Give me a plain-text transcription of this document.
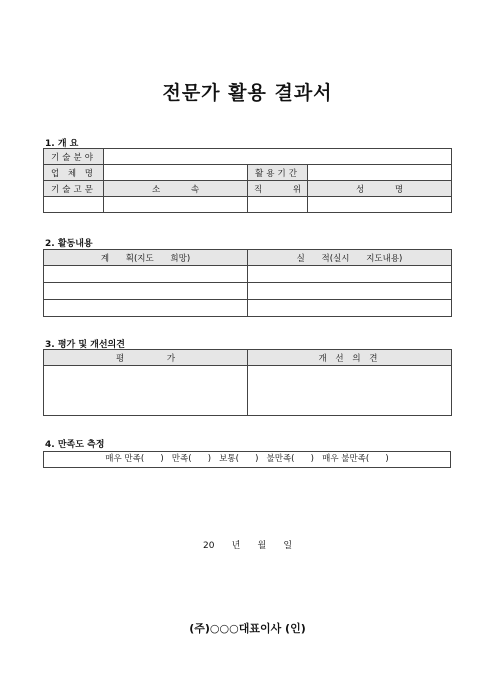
전문가 활용 결과서
1. 개 요
기술분야			
업 체 명		활용기간	
기술고문	소 속	직 위	성 명

2. 활동내용
계 획(지도 희망)	실 적(실시 지도내용)

3. 평가 및 개선의견
평 가	개 선 의 견

4. 만족도 측정
매우 만족(      )   만족(      )   보통(      )   불만족(      )   매우 불만족(      )
20      년      월      일
(주)○○○대표이사 (인)
